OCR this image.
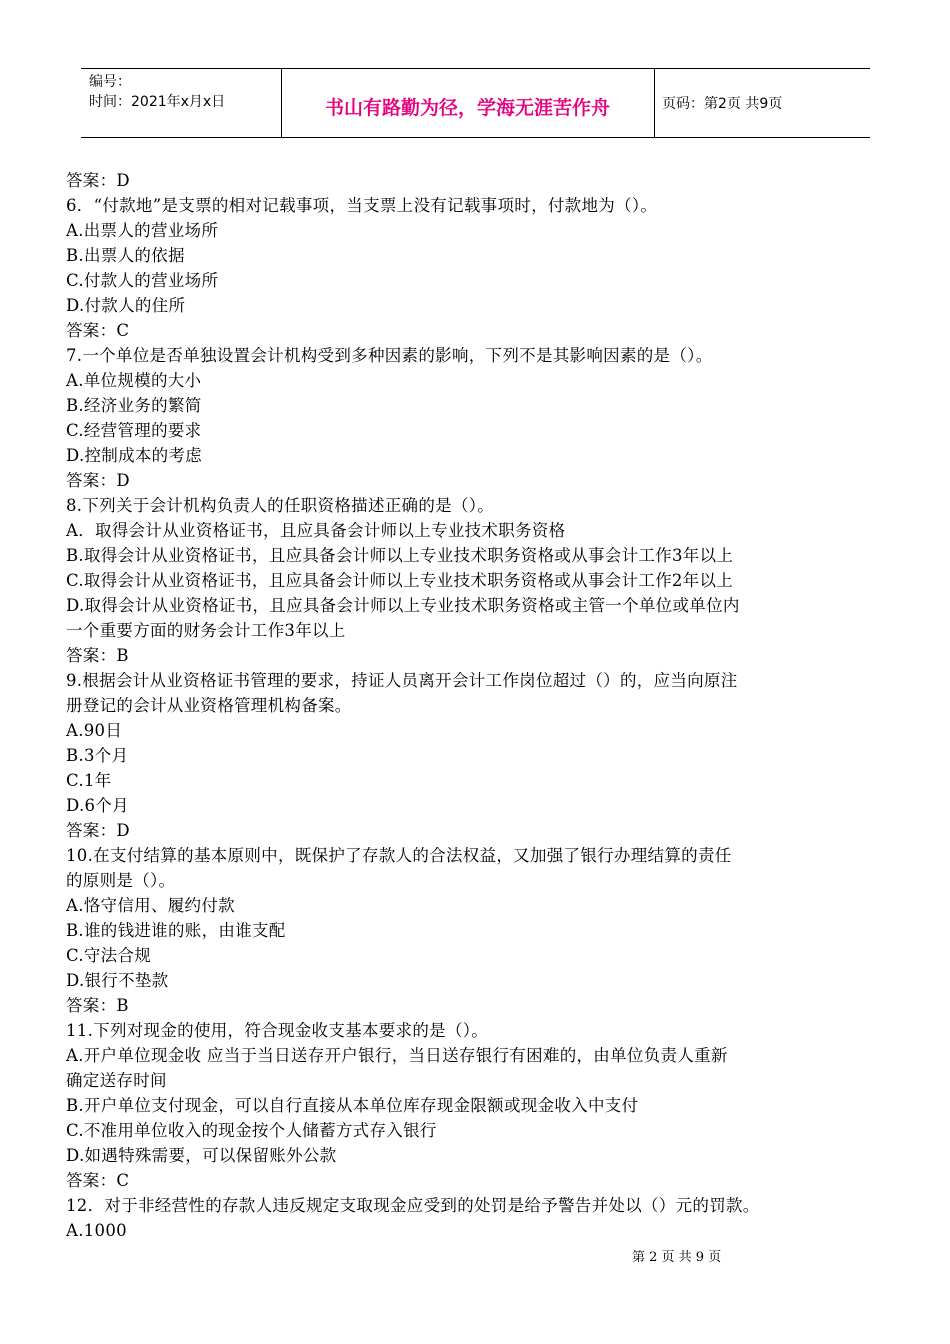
编号：
时间：2021年x月x日	书山有路勤为径，学海无涯苦作舟	页码：第2页 共9页
答案：D
6．“付款地”是支票的相对记载事项，当支票上没有记载事项时，付款地为（）。
A.出票人的营业场所
B.出票人的依据
C.付款人的营业场所
D.付款人的住所
答案：C
7.一个单位是否单独设置会计机构受到多种因素的影响，下列不是其影响因素的是（）。
A.单位规模的大小
B.经济业务的繁简
C.经营管理的要求
D.控制成本的考虑
答案：D
8.下列关于会计机构负责人的任职资格描述正确的是（）。
A．取得会计从业资格证书，且应具备会计师以上专业技术职务资格
B.取得会计从业资格证书，且应具备会计师以上专业技术职务资格或从事会计工作3年以上
C.取得会计从业资格证书，且应具备会计师以上专业技术职务资格或从事会计工作2年以上
D.取得会计从业资格证书，且应具备会计师以上专业技术职务资格或主管一个单位或单位内
一个重要方面的财务会计工作3年以上
答案：B
9.根据会计从业资格证书管理的要求，持证人员离开会计工作岗位超过（）的，应当向原注
册登记的会计从业资格管理机构备案。
A.90日
B.3个月
C.1年
D.6个月
答案：D
10.在支付结算的基本原则中，既保护了存款人的合法权益，又加强了银行办理结算的责任
的原则是（）。
A.恪守信用、履约付款
B.谁的钱进谁的账，由谁支配
C.守法合规
D.银行不垫款
答案：B
11.下列对现金的使用，符合现金收支基本要求的是（）。
A.开户单位现金收 应当于当日送存开户银行，当日送存银行有困难的，由单位负责人重新
确定送存时间
B.开户单位支付现金，可以自行直接从本单位库存现金限额或现金收入中支付
C.不准用单位收入的现金按个人储蓄方式存入银行
D.如遇特殊需要，可以保留账外公款
答案：C
12．对于非经营性的存款人违反规定支取现金应受到的处罚是给予警告并处以（）元的罚款。
A.1000
第 2 页 共 9 页
